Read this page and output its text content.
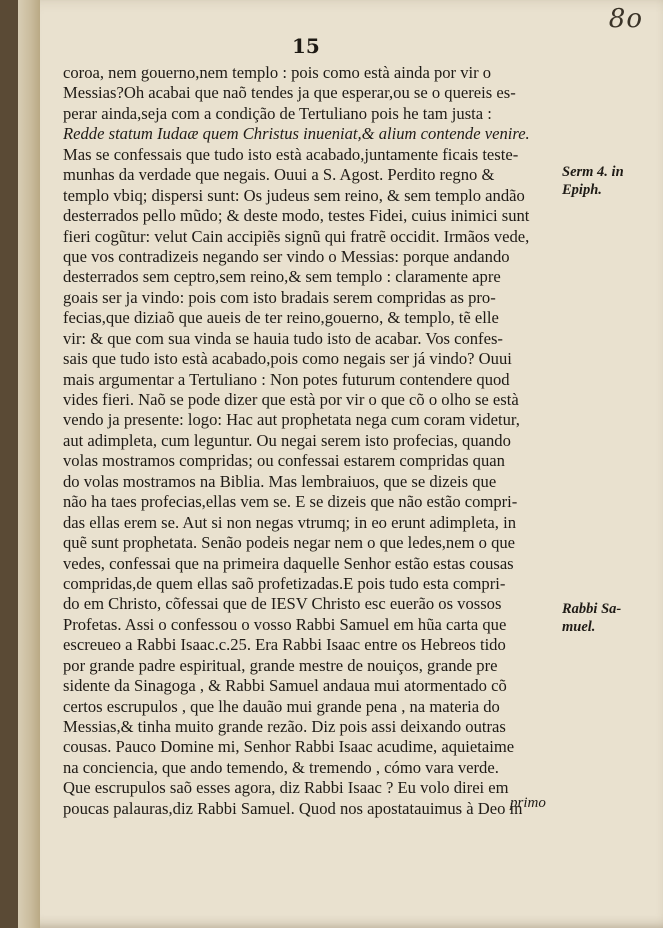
8o
15
coroa, nem gouerno,nem templo : pois como està ainda por vir o
Messias?Oh acabai que naõ tendes ja que esperar,ou se o quereis es-
perar ainda,seja com a condição de Tertuliano pois he tam justa :
Redde statum Iudaæ quem Christus inueniat,& alium contende venire.
Mas se confessais que tudo isto està acabado,juntamente ficais teste-
munhas da verdade que negais. Ouui a S. Agost. Perdito regno &
templo vbiq; dispersi sunt: Os judeus sem reino, & sem templo andão
desterrados pello mũdo; & deste modo, testes Fidei, cuius inimici sunt
fieri cogũtur: velut Cain accipiẽs signũ qui fratrẽ occidit. Irmãos vede,
que vos contradizeis negando ser vindo o Messias: porque andando
desterrados sem ceptro,sem reino,& sem templo : claramente apre
goais ser ja vindo: pois com isto bradais serem compridas as pro-
fecias,que diziaõ que aueis de ter reino,gouerno, & templo, tẽ elle
vir: & que com sua vinda se hauia tudo isto de acabar. Vos confes-
sais que tudo isto està acabado,pois como negais ser já vindo? Ouui
mais argumentar a Tertuliano : Non potes futurum contendere quod
vides fieri. Naõ se pode dizer que està por vir o que cõ o olho se està
vendo ja presente: logo: Hac aut prophetata nega cum coram videtur,
aut adimpleta, cum leguntur. Ou negai serem isto profecias, quando
volas mostramos compridas; ou confessai estarem compridas quan
do volas mostramos na Biblia. Mas lembraiuos, que se dizeis que
não ha taes profecias,ellas vem se. E se dizeis que não estão compri-
das ellas erem se. Aut si non negas vtrumq; in eo erunt adimpleta, in
quẽ sunt prophetata. Senão podeis negar nem o que ledes,nem o que
vedes, confessai que na primeira daquelle Senhor estão estas cousas
compridas,de quem ellas saõ profetizadas.E pois tudo esta compri-
do em Christo, cõfessai que de IESV Christo esc euerão os vossos
Profetas. Assi o confessou o vosso Rabbi Samuel em hũa carta que
escreueo a Rabbi Isaac.c.25. Era Rabbi Isaac entre os Hebreos tido
por grande padre espiritual, grande mestre de nouiços, grande pre
sidente da Sinagoga , & Rabbi Samuel andaua mui atormentado cõ
certos escrupulos , que lhe dauão mui grande pena , na materia do
Messias,& tinha muito grande rezão. Diz pois assi deixando outras
cousas. Pauco Domine mi, Senhor Rabbi Isaac acudime, aquietaime
na conciencia, que ando temendo, & tremendo , cómo vara verde.
Que escrupulos saõ esses agora, diz Rabbi Isaac ? Eu volo direi em
poucas palauras,diz Rabbi Samuel. Quod nos apostatauimus à Deo in
Serm 4. in
Epiph.
Rabbi Sa-
muel.
primo
